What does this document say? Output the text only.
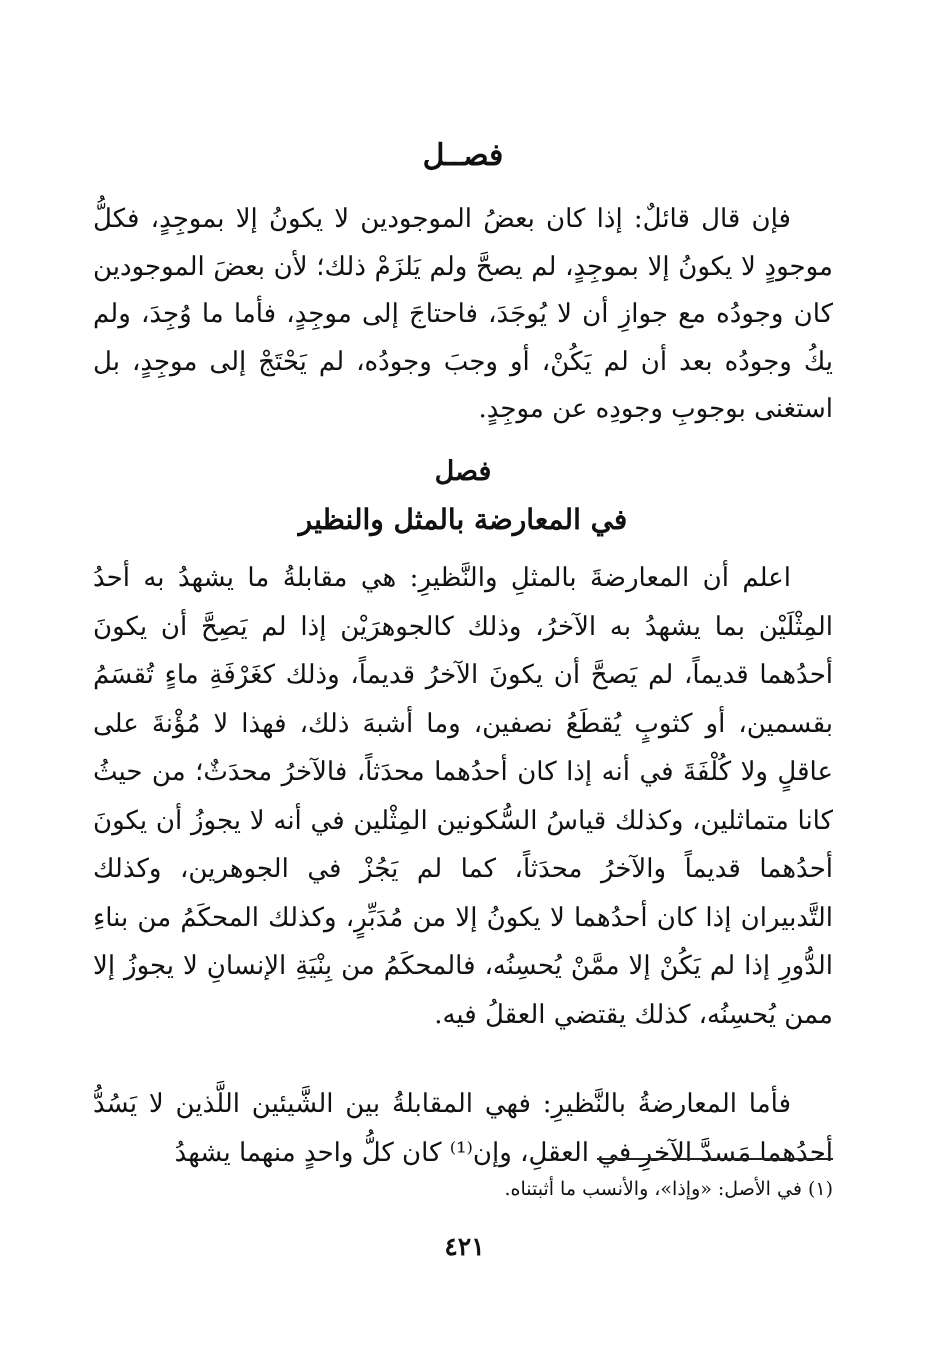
فصــل

فإن قال قائلٌ: إذا كان بعضُ الموجودين لا يكونُ إلا بموجِدٍ، فكلُّ موجودٍ لا يكونُ إلا بموجِدٍ، لم يصحَّ ولم يَلزَمْ ذلك؛ لأن بعضَ الموجودين كان وجودُه مع جوازِ أن لا يُوجَدَ، فاحتاجَ إلى موجِدٍ، فأما ما وُجِدَ، ولم يكُ وجودُه بعد أن لم يَكُنْ، أو وجبَ وجودُه، لم يَحْتَجْ إلى موجِدٍ، بل استغنى بوجوبِ وجودِه عن موجِدٍ.

فصل
في المعارضة بالمثل والنظير

اعلم أن المعارضةَ بالمثلِ والنَّظيرِ: هي مقابلةُ ما يشهدُ به أحدُ المِثْلَيْن بما يشهدُ به الآخرُ، وذلك كالجوهرَيْن إذا لم يَصِحَّ أن يكونَ أحدُهما قديماً، لم يَصحَّ أن يكونَ الآخرُ قديماً، وذلك كغَرْفَةِ ماءٍ تُقسَمُ بقسمين، أو كثوبٍ يُقطَعُ نصفين، وما أشبهَ ذلك، فهذا لا مُؤْنةَ على عاقلٍ ولا كُلْفَةَ في أنه إذا كان أحدُهما محدَثاً، فالآخرُ محدَثٌ؛ من حيثُ كانا متماثلين، وكذلك قياسُ السُّكونين المِثْلين في أنه لا يجوزُ أن يكونَ أحدُهما قديماً والآخرُ محدَثاً، كما لم يَجُزْ في الجوهرين، وكذلك التَّدبيران إذا كان أحدُهما لا يكونُ إلا من مُدَبِّرٍ، وكذلك المحكَمُ من بناءِ الدُّورِ إذا لم يَكُنْ إلا ممَّنْ يُحسِنُه، فالمحكَمُ من بِنْيَةِ الإنسانِ لا يجوزُ إلا ممن يُحسِنُه، كذلك يقتضي العقلُ فيه.

فأما المعارضةُ بالنَّظيرِ: فهي المقابلةُ بين الشَّيئين اللَّذين لا يَسُدُّ أحدُهما مَسدَّ الآخرِ في العقلِ، وإن⁽¹⁾ كان كلُّ واحدٍ منهما يشهدُ

(١) في الأصل: «وإذا»، والأنسب ما أثبتناه.
٤٢١
